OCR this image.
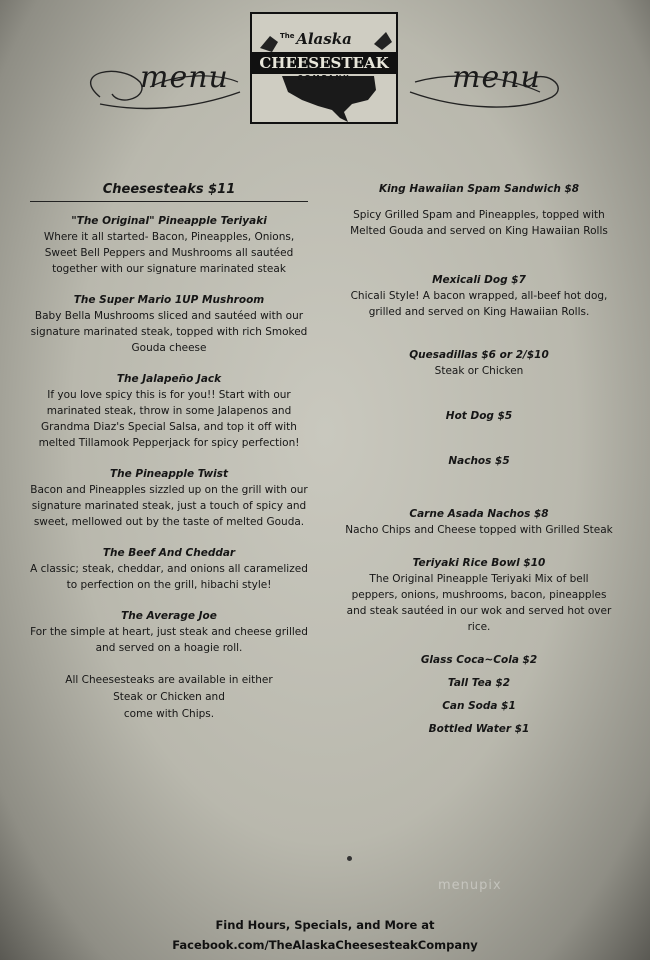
menu	menu
The Alaska
CHEESESTEAK
COMPANY
Cheesesteaks $11
"The Original" Pineapple Teriyaki
Where it all started- Bacon, Pineapples, Onions, Sweet Bell Peppers and Mushrooms all sautéed together with our signature marinated steak
The Super Mario 1UP Mushroom
Baby Bella Mushrooms sliced and sautéed with our signature marinated steak, topped with rich Smoked Gouda cheese
The Jalapeño Jack
If you love spicy this is for you!! Start with our marinated steak, throw in some Jalapenos and Grandma Diaz's Special Salsa, and top it off with melted Tillamook Pepperjack for spicy perfection!
The Pineapple Twist
Bacon and Pineapples sizzled up on the grill with our signature marinated steak, just a touch of spicy and sweet, mellowed out by the taste of melted Gouda.
The Beef And Cheddar
A classic; steak, cheddar, and onions all caramelized to perfection on the grill, hibachi style!
The Average Joe
For the simple at heart, just steak and cheese grilled and served on a hoagie roll.
All Cheesesteaks are available in either
Steak or Chicken and
come with Chips.
King Hawaiian Spam Sandwich $8
Spicy Grilled Spam and Pineapples, topped with Melted Gouda and served on King Hawaiian Rolls
Mexicali Dog $7
Chicali Style! A bacon wrapped, all-beef hot dog, grilled and served on King Hawaiian Rolls.
Quesadillas $6 or 2/$10
Steak or Chicken
Hot Dog $5
Nachos $5
Carne Asada Nachos $8
Nacho Chips and Cheese topped with Grilled Steak
Teriyaki Rice Bowl $10
The Original Pineapple Teriyaki Mix of bell peppers, onions, mushrooms, bacon, pineapples and steak sautéed in our wok and served hot over rice.
Glass Coca~Cola $2
Tall Tea $2
Can Soda $1
Bottled Water $1
menupix
Find Hours, Specials, and More at
Facebook.com/TheAlaskaCheesesteakCompany
